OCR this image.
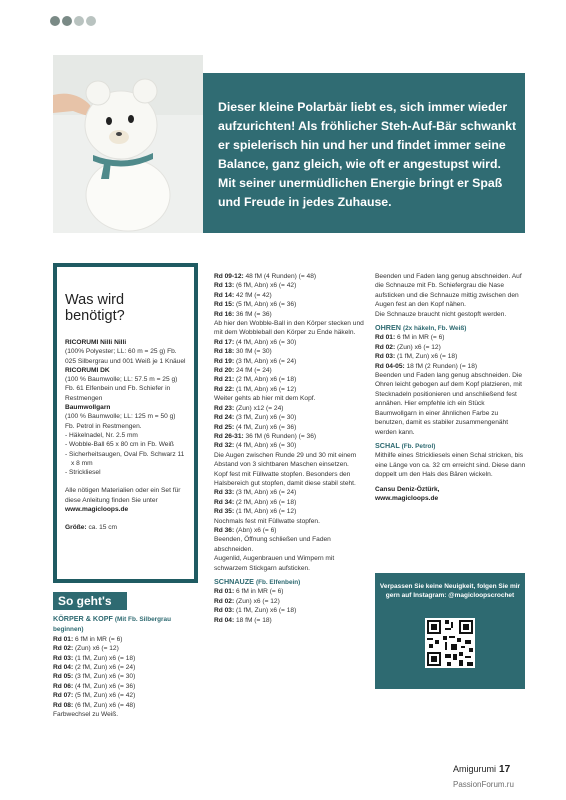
Dieser kleine Polarbär liebt es, sich immer wieder aufzurichten! Als fröhlicher Steh-Auf-Bär schwankt er spielerisch hin und her und findet immer seine Balance, ganz gleich, wie oft er angestupst wird. Mit seiner unermüdlichen Energie bringt er Spaß und Freude in jedes Zuhause.

Was wird benötigt?

RICORUMI Nilli Nilli

(100% Polyester; LL: 60 m = 25 g) Fb. 025 Silbergrau und 001 Weiß je 1 Knäuel

RICORUMI DK

(100 % Baumwolle; LL: 57.5 m = 25 g) Fb. 61 Elfenbein und Fb. Schiefer in Restmengen

Baumwollgarn

(100 % Baumwolle; LL: 125 m = 50 g) Fb. Petrol in Restmengen.

- Häkelnadel, Nr. 2.5 mm
- Wobble-Ball 65 x 80 cm in Fb. Weiß
- Sicherheitsaugen, Oval Fb. Schwarz 11 x 8 mm
- Strickliesel

Alle nötigen Materialien oder ein Set für diese Anleitung finden Sie unter

www.magicloops.de

Größe: ca. 15 cm

So geht's

KÖRPER & KOPF (Mit Fb. Silbergrau beginnen)

Rd 01: 6 fM in MR (= 6)

Rd 02: (Zun) x6 (= 12)

Rd 03: (1 fM, Zun) x6 (= 18)

Rd 04: (2 fM, Zun) x6 (= 24)

Rd 05: (3 fM, Zun) x6 (= 30)

Rd 06: (4 fM, Zun) x6 (= 36)

Rd 07: (5 fM, Zun) x6 (= 42)

Rd 08: (6 fM, Zun) x6 (= 48)

Farbwechsel zu Weiß.

Rd 09-12: 48 fM (4 Runden) (= 48)

Rd 13: (6 fM, Abn) x6 (= 42)

Rd 14: 42 fM (= 42)

Rd 15: (5 fM, Abn) x6 (= 36)

Rd 16: 36 fM (= 36)

Ab hier den Wobble-Ball in den Körper stecken und mit dem Wobbleball den Körper zu Ende häkeln.

Rd 17: (4 fM, Abn) x6 (= 30)

Rd 18: 30 fM (= 30)

Rd 19: (3 fM, Abn) x6 (= 24)

Rd 20: 24 fM (= 24)

Rd 21: (2 fM, Abn) x6 (= 18)

Rd 22: (1 fM, Abn) x6 (= 12)

Weiter gehts ab hier mit dem Kopf.

Rd 23: (Zun) x12 (= 24)

Rd 24: (3 fM, Zun) x6 (= 30)

Rd 25: (4 fM, Zun) x6 (= 36)

Rd 26-31: 36 fM (6 Runden) (= 36)

Rd 32: (4 fM, Abn) x6 (= 30)

Die Augen zwischen Runde 29 und 30 mit einem Abstand von 3 sichtbaren Maschen einsetzen.

Kopf fest mit Füllwatte stopfen. Besonders den Halsbereich gut stopfen, damit diese stabil steht.

Rd 33: (3 fM, Abn) x6 (= 24)

Rd 34: (2 fM, Abn) x6 (= 18)

Rd 35: (1 fM, Abn) x6 (= 12)

Nochmals fest mit Füllwatte stopfen.

Rd 36: (Abn) x6 (= 6)

Beenden, Öffnung schließen und Faden abschneiden.

Augenlid, Augenbrauen und Wimpern mit schwarzem Stickgarn aufsticken.

SCHNAUZE (Fb. Elfenbein)

Rd 01: 6 fM in MR (= 6)

Rd 02: (Zun) x6 (= 12)

Rd 03: (1 fM, Zun) x6 (= 18)

Rd 04: 18 fM (= 18)

Beenden und Faden lang genug abschneiden. Auf die Schnauze mit Fb. Schiefergrau die Nase aufsticken und die Schnauze mittig zwischen den Augen fest an den Kopf nähen.

Die Schnauze braucht nicht gestopft werden.

OHREN (2x häkeln, Fb. Weiß)

Rd 01: 6 fM in MR (= 6)

Rd 02: (Zun) x6 (= 12)

Rd 03: (1 fM, Zun) x6 (= 18)

Rd 04-05: 18 fM (2 Runden) (= 18)

Beenden und Faden lang genug abschneiden. Die Ohren leicht gebogen auf dem Kopf platzieren, mit Stecknadeln positionieren und anschließend fest annähen. Hier empfehle ich ein Stück Baumwollgarn in einer ähnlichen Farbe zu benutzen, damit es stabiler zusammengenäht werden kann.

SCHAL (Fb. Petrol)

Mithilfe eines Strickliesels einen Schal stricken, bis eine Länge von ca. 32 cm erreicht sind. Diese dann doppelt um den Hals des Bären wickeln.

Cansu Deniz-Öztürk,

www.magicloops.de

Verpassen Sie keine Neuigkeit, folgen Sie mir gern auf Instagram: @magicloopscrochet

Amigurumi 17
PassionForum.ru
